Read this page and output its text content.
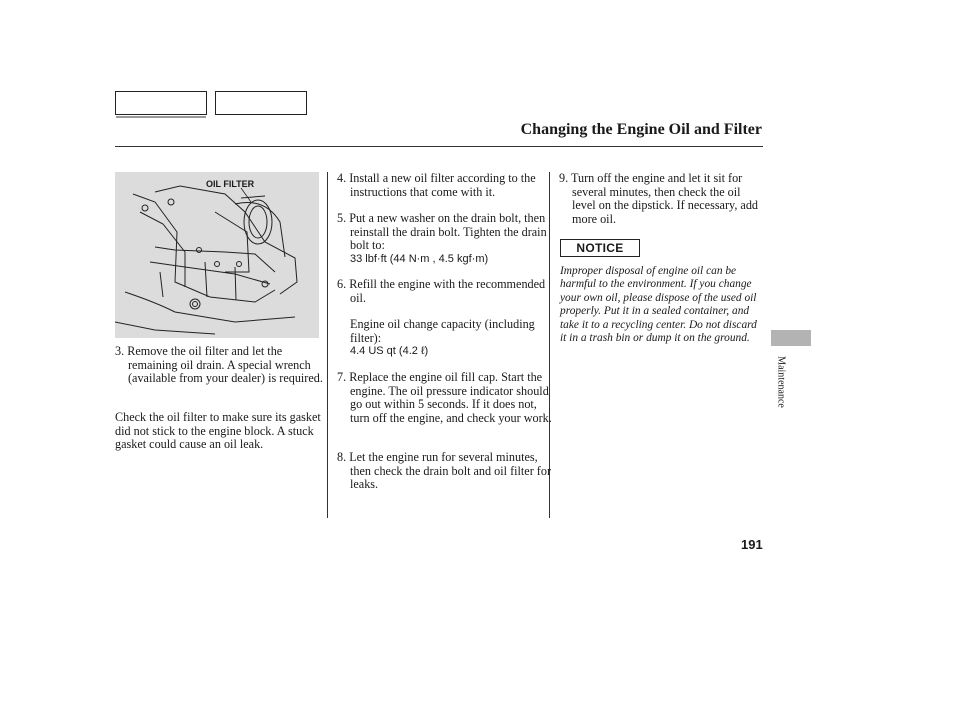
Changing the Engine Oil and Filter
OIL FILTER

3. Remove the oil filter and let the remaining oil drain. A special wrench (available from your dealer) is required.

Check the oil filter to make sure its gasket did not stick to the engine block. A stuck gasket could cause an oil leak.

4. Install a new oil filter according to the instructions that come with it.

5. Put a new washer on the drain bolt, then reinstall the drain bolt. Tighten the drain bolt to:
33 lbf·ft (44 N·m , 4.5 kgf·m)

6. Refill the engine with the recommended oil.

Engine oil change capacity (including filter):
4.4 US qt (4.2 ℓ)

7. Replace the engine oil fill cap. Start the engine. The oil pressure indicator should go out within 5 seconds. If it does not, turn off the engine, and check your work.

8. Let the engine run for several minutes, then check the drain bolt and oil filter for leaks.

9. Turn off the engine and let it sit for several minutes, then check the oil level on the dipstick. If necessary, add more oil.

NOTICE

Improper disposal of engine oil can be harmful to the environment. If you change your own oil, please dispose of the used oil properly. Put it in a sealed container, and take it to a recycling center. Do not discard it in a trash bin or dump it on the ground.

Maintenance
191
